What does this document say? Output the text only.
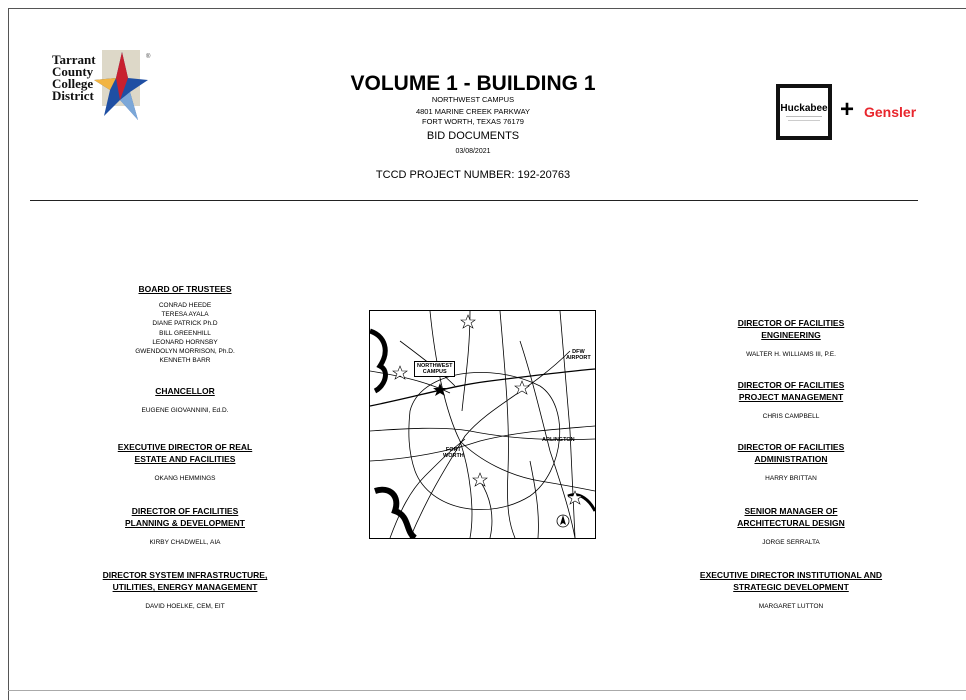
Tarrant
County
College
District
®
VOLUME 1 - BUILDING 1
NORTHWEST CAMPUS
4801 MARINE CREEK PARKWAY
FORT WORTH, TEXAS 76179
BID DOCUMENTS
03/08/2021
TCCD PROJECT NUMBER: 192-20763
Huckabee + Gensler
BOARD OF TRUSTEES
CONRAD HEEDE
TERESA AYALA
DIANE PATRICK Ph.D
BILL GREENHILL
LEONARD HORNSBY
GWENDOLYN MORRISON, Ph.D.
KENNETH BARR
CHANCELLOR
EUGENE GIOVANNINI, Ed.D.
EXECUTIVE DIRECTOR OF REAL
ESTATE AND FACILITIES
OKANG HEMMINGS
DIRECTOR OF FACILITIES
PLANNING & DEVELOPMENT
KIRBY CHADWELL, AIA
DIRECTOR SYSTEM INFRASTRUCTURE,
UTILITIES, ENERGY MANAGEMENT
DAVID HOELKE, CEM, EIT
DIRECTOR OF FACILITIES
ENGINEERING
WALTER H. WILLIAMS III, P.E.
DIRECTOR OF FACILITIES
PROJECT MANAGEMENT
CHRIS CAMPBELL
DIRECTOR OF FACILITIES
ADMINISTRATION
HARRY BRITTAN
SENIOR MANAGER OF
ARCHITECTURAL DESIGN
JORGE SERRALTA
EXECUTIVE DIRECTOR INSTITUTIONAL AND
STRATEGIC DEVELOPMENT
MARGARET LUTTON
NORTHWEST
CAMPUS
DFW
AIRPORT
ARLINGTON
FORT
WORTH
